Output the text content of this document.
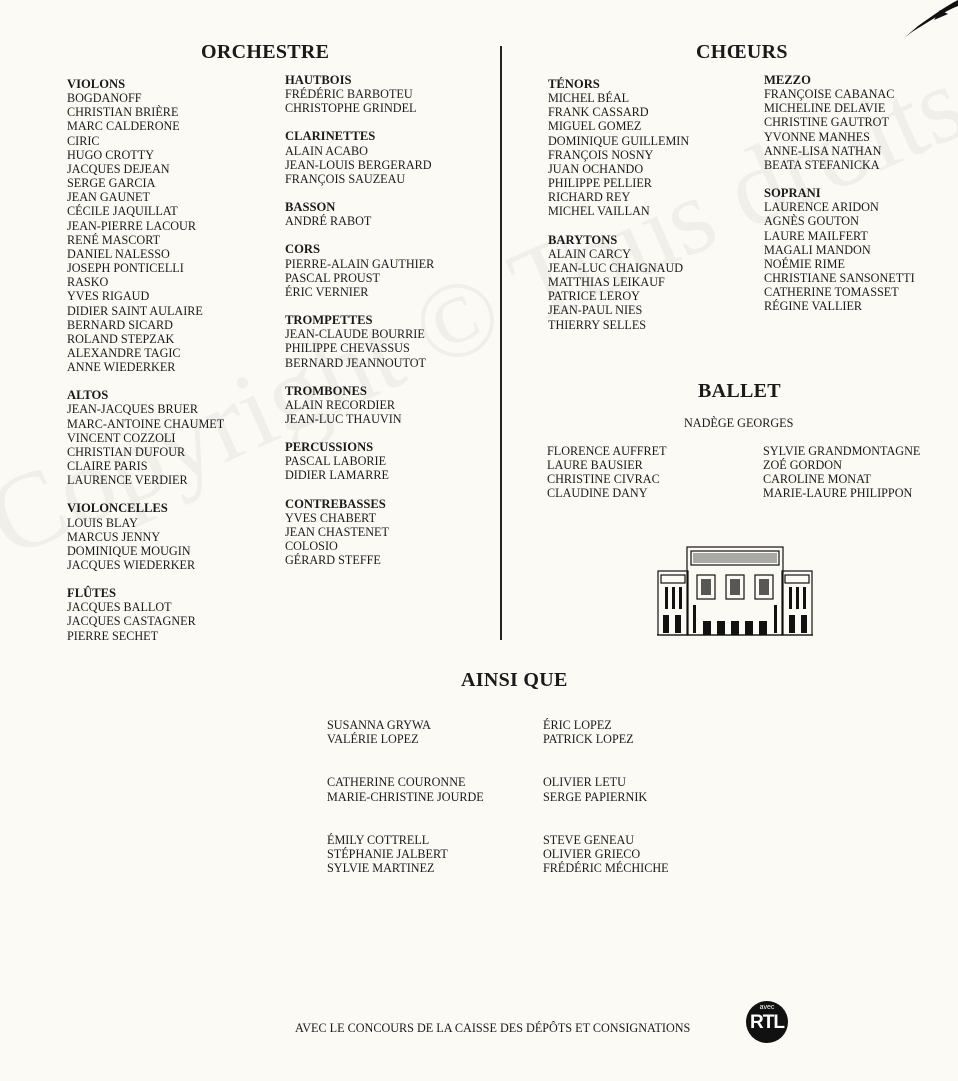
ORCHESTRE	CHŒURS
VIOLONS
BOGDANOFF
CHRISTIAN BRIÈRE
MARC CALDERONE
CIRIC
HUGO CROTTY
JACQUES DEJEAN
SERGE GARCIA
JEAN GAUNET
CÉCILE JAQUILLAT
JEAN-PIERRE LACOUR
RENÉ MASCORT
DANIEL NALESSO
JOSEPH PONTICELLI
RASKO
YVES RIGAUD
DIDIER SAINT AULAIRE
BERNARD SICARD
ROLAND STEPZAK
ALEXANDRE TAGIC
ANNE WIEDERKER
ALTOS
JEAN-JACQUES BRUER
MARC-ANTOINE CHAUMET
VINCENT COZZOLI
CHRISTIAN DUFOUR
CLAIRE PARIS
LAURENCE VERDIER
VIOLONCELLES
LOUIS BLAY
MARCUS JENNY
DOMINIQUE MOUGIN
JACQUES WIEDERKER
FLÛTES
JACQUES BALLOT
JACQUES CASTAGNER
PIERRE SECHET
HAUTBOIS
FRÉDÉRIC BARBOTEU
CHRISTOPHE GRINDEL
CLARINETTES
ALAIN ACABO
JEAN-LOUIS BERGERARD
FRANÇOIS SAUZEAU
BASSON
ANDRÉ RABOT
CORS
PIERRE-ALAIN GAUTHIER
PASCAL PROUST
ÉRIC VERNIER
TROMPETTES
JEAN-CLAUDE BOURRIE
PHILIPPE CHEVASSUS
BERNARD JEANNOUTOT
TROMBONES
ALAIN RECORDIER
JEAN-LUC THAUVIN
PERCUSSIONS
PASCAL LABORIE
DIDIER LAMARRE
CONTREBASSES
YVES CHABERT
JEAN CHASTENET
COLOSIO
GÉRARD STEFFE
TÉNORS
MICHEL BÉAL
FRANK CASSARD
MIGUEL GOMEZ
DOMINIQUE GUILLEMIN
FRANÇOIS NOSNY
JUAN OCHANDO
PHILIPPE PELLIER
RICHARD REY
MICHEL VAILLAN
BARYTONS
ALAIN CARCY
JEAN-LUC CHAIGNAUD
MATTHIAS LEIKAUF
PATRICE LEROY
JEAN-PAUL NIES
THIERRY SELLES
MEZZO
FRANÇOISE CABANAC
MICHELINE DELAVIE
CHRISTINE GAUTROT
YVONNE MANHES
ANNE-LISA NATHAN
BEATA STEFANICKA
SOPRANI
LAURENCE ARIDON
AGNÈS GOUTON
LAURE MAILFERT
MAGALI MANDON
NOÉMIE RIME
CHRISTIANE SANSONETTI
CATHERINE TOMASSET
RÉGINE VALLIER
BALLET
NADÈGE GEORGES
FLORENCE AUFFRET
LAURE BAUSIER
CHRISTINE CIVRAC
CLAUDINE DANY
SYLVIE GRANDMONTAGNE
ZOÉ GORDON
CAROLINE MONAT
MARIE-LAURE PHILIPPON
AINSI QUE
SUSANNA GRYWA
VALÉRIE LOPEZ
CATHERINE COURONNE
MARIE-CHRISTINE JOURDE
ÉMILY COTTRELL
STÉPHANIE JALBERT
SYLVIE MARTINEZ
ÉRIC LOPEZ
PATRICK LOPEZ
OLIVIER LETU
SERGE PAPIERNIK
STEVE GENEAU
OLIVIER GRIECO
FRÉDÉRIC MÉCHICHE
AVEC LE CONCOURS DE LA CAISSE DES DÉPÔTS ET CONSIGNATIONS
avec
RTL
